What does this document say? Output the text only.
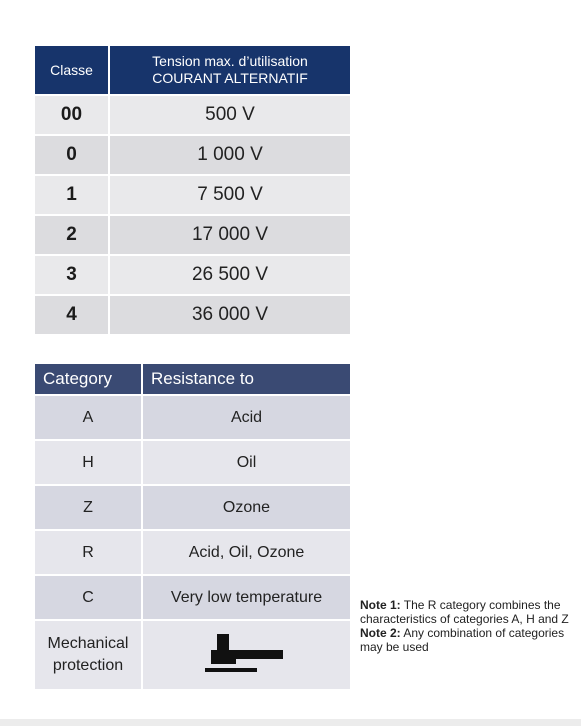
Classe	Tension max. d’utilisation
COURANT ALTERNATIF

00	500 V
0	1 000 V
1	7 500 V
2	17 000 V
3	26 500 V
4	36 000 V
Category	Resistance to
A	Acid
H	Oil
Z	Ozone
R	Acid, Oil, Ozone
C	Very low temperature

Mechanical
protection

Note 1: The R category combines the characteristics of categories A, H and Z
Note 2: Any combination of categories may be used
